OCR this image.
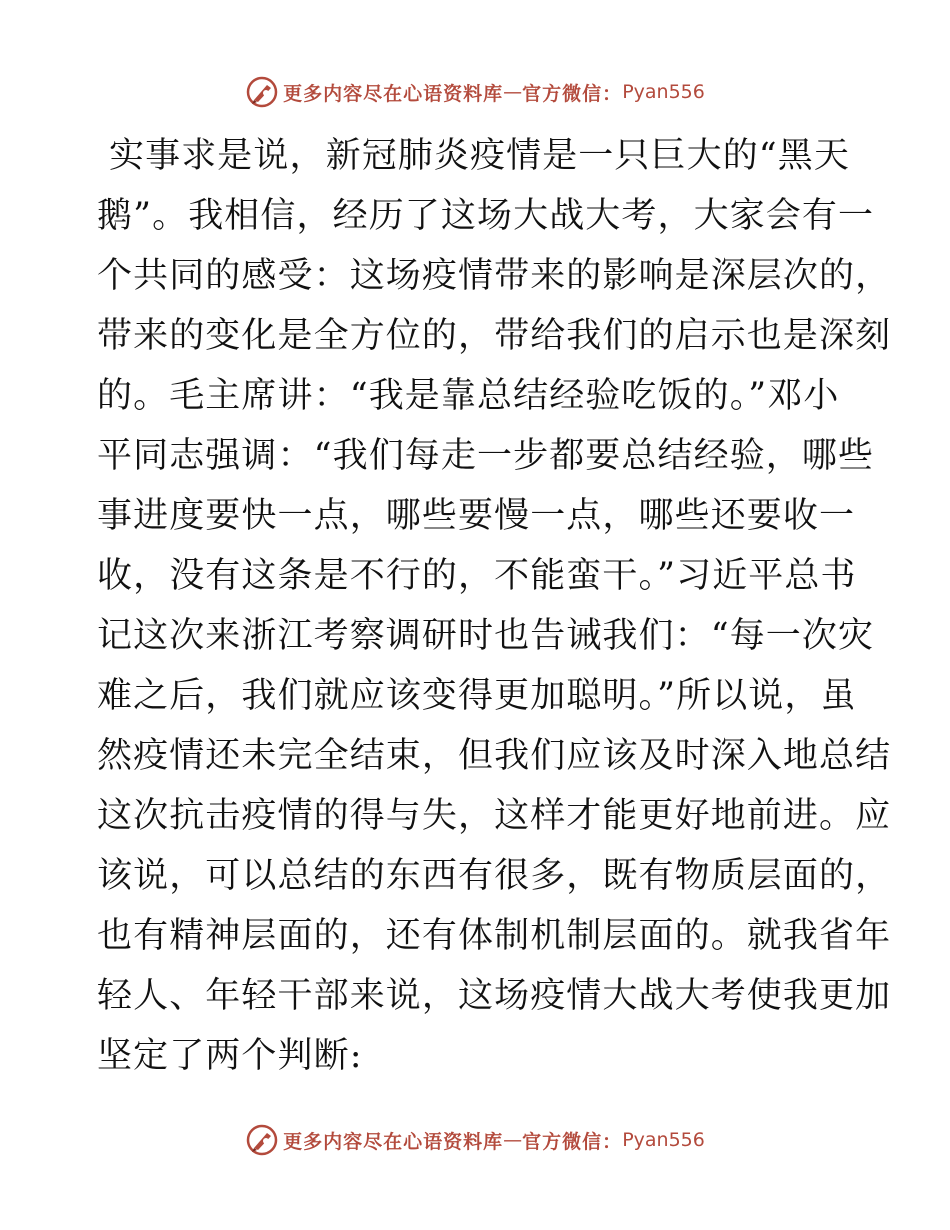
更多内容尽在心语资料库 — 官方微信： Pyan556
实事求是说，新冠肺炎疫情是一只巨大的“黑天
鹅”。我相信，经历了这场大战大考，大家会有一
个共同的感受：这场疫情带来的影响是深层次的，
带来的变化是全方位的，带给我们的启示也是深刻
的。毛主席讲：“我是靠总结经验吃饭的。”邓小
平同志强调：“我们每走一步都要总结经验，哪些
事进度要快一点，哪些要慢一点，哪些还要收一
收，没有这条是不行的，不能蛮干。”习近平总书
记这次来浙江考察调研时也告诫我们：“每一次灾
难之后，我们就应该变得更加聪明。”所以说，虽
然疫情还未完全结束，但我们应该及时深入地总结
这次抗击疫情的得与失，这样才能更好地前进。应
该说，可以总结的东西有很多，既有物质层面的，
也有精神层面的，还有体制机制层面的。就我省年
轻人、年轻干部来说，这场疫情大战大考使我更加
坚定了两个判断:
更多内容尽在心语资料库 — 官方微信： Pyan556
